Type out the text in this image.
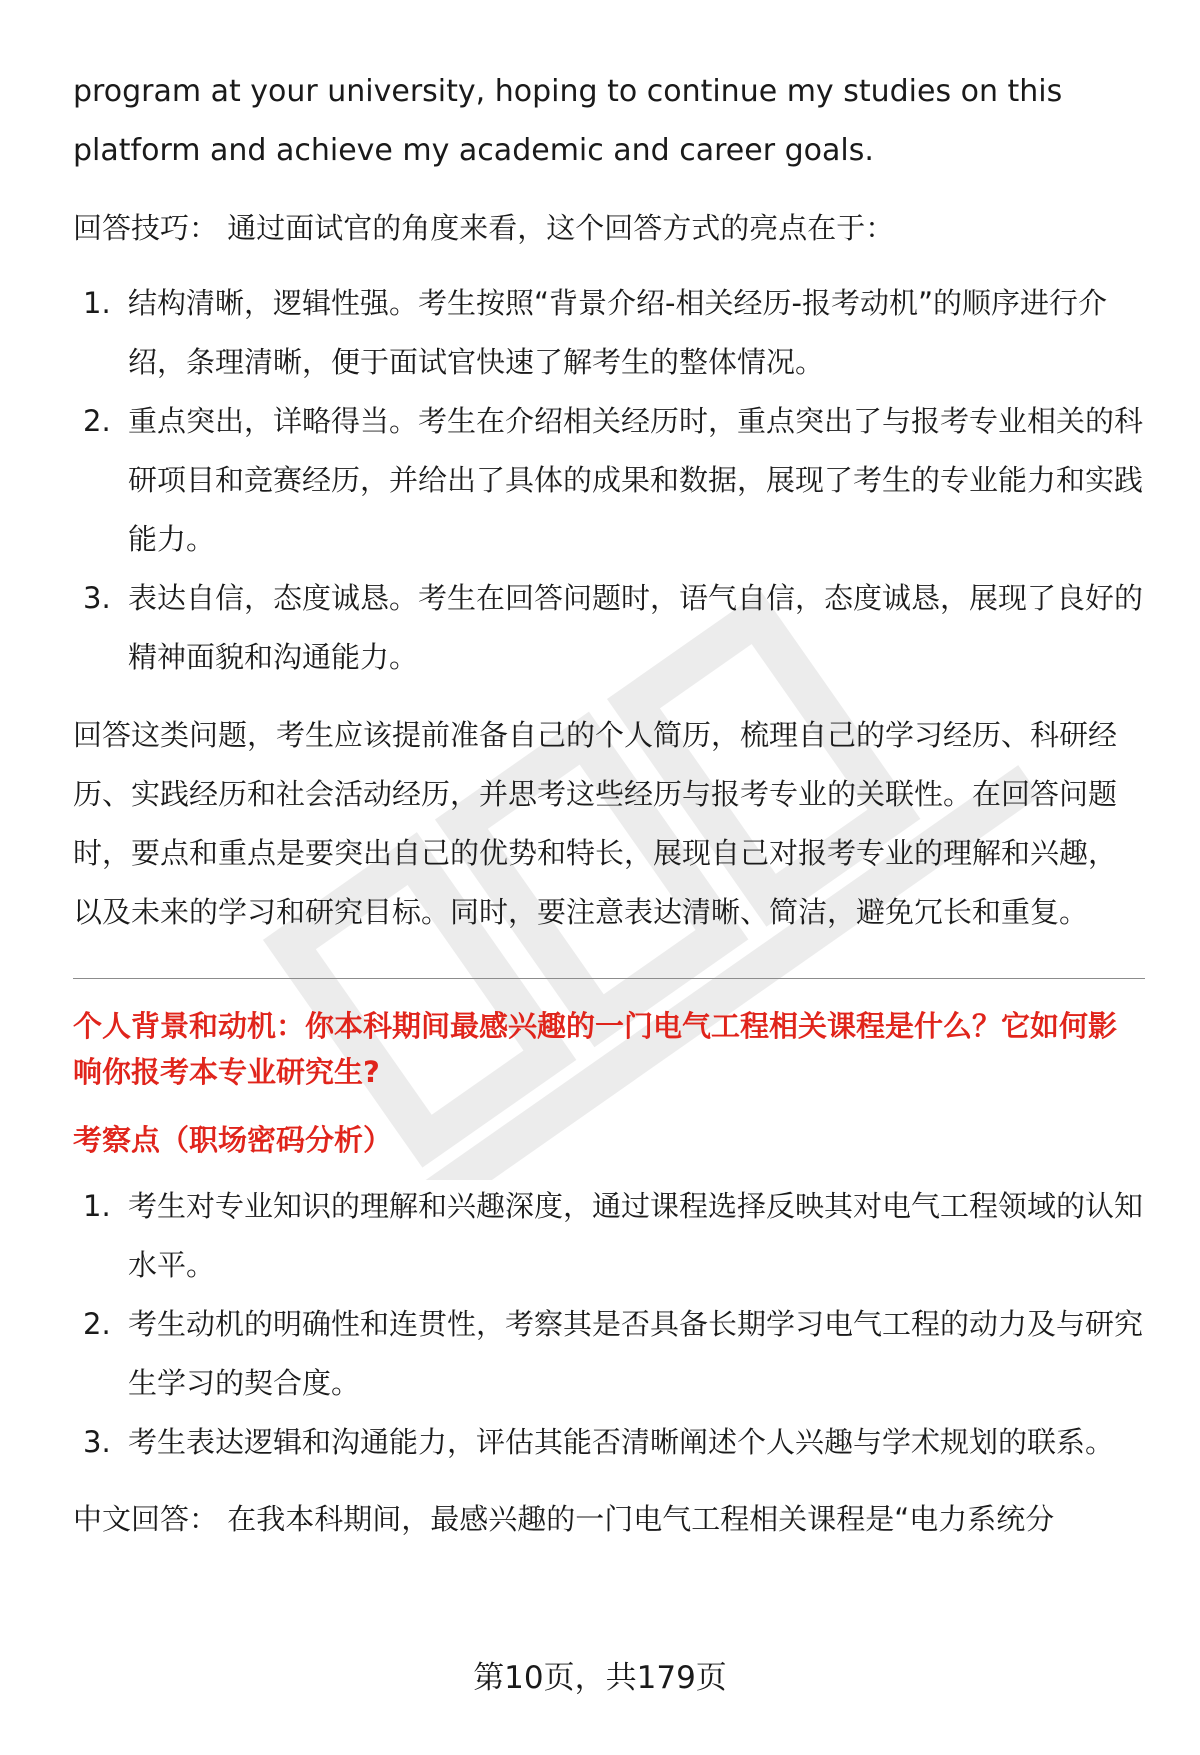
program at your university, hoping to continue my studies on this platform and achieve my academic and career goals.

回答技巧： 通过面试官的角度来看，这个回答方式的亮点在于：

1. 结构清晰，逻辑性强。考生按照“背景介绍-相关经历-报考动机”的顺序进行介绍，条理清晰，便于面试官快速了解考生的整体情况。
2. 重点突出，详略得当。考生在介绍相关经历时，重点突出了与报考专业相关的科研项目和竞赛经历，并给出了具体的成果和数据，展现了考生的专业能力和实践能力。
3. 表达自信，态度诚恳。考生在回答问题时，语气自信，态度诚恳，展现了良好的精神面貌和沟通能力。

回答这类问题，考生应该提前准备自己的个人简历，梳理自己的学习经历、科研经历、实践经历和社会活动经历，并思考这些经历与报考专业的关联性。在回答问题时，要点和重点是要突出自己的优势和特长，展现自己对报考专业的理解和兴趣，以及未来的学习和研究目标。同时，要注意表达清晰、简洁，避免冗长和重复。

个人背景和动机：你本科期间最感兴趣的一门电气工程相关课程是什么？它如何影响你报考本专业研究生?

考察点（职场密码分析）

1. 考生对专业知识的理解和兴趣深度，通过课程选择反映其对电气工程领域的认知水平。
2. 考生动机的明确性和连贯性，考察其是否具备长期学习电气工程的动力及与研究生学习的契合度。
3. 考生表达逻辑和沟通能力，评估其能否清晰阐述个人兴趣与学术规划的联系。

中文回答： 在我本科期间，最感兴趣的一门电气工程相关课程是“电力系统分

第10页，共179页
